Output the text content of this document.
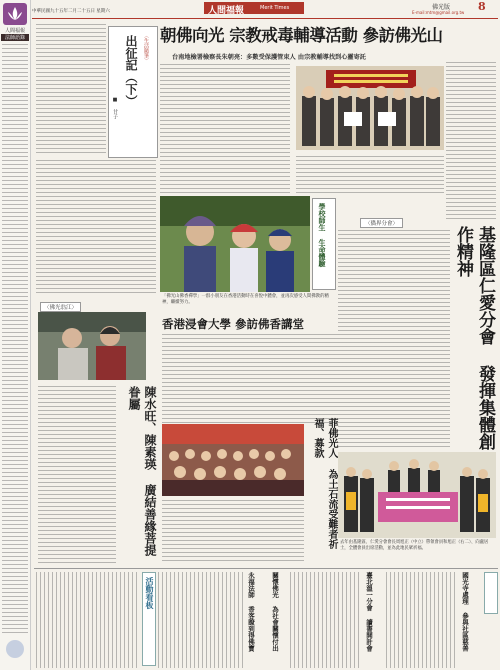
人間福報
法師語錄
中華民國九十五年二月二十五日 星期六	人間福報	Merit Times	佛光版	8
E-mail:mtm@gmail.org.tw
朝佛向光 宗教戒毒輔導活動 參訪佛光山
台南地檢署檢察長朱朝亮：多數受保護管束人 由宗教輔導找到心靈寄託
〈生活隨筆〉
出征記（下）
■ 甘子
〈佛光翁江〉
陳水旺、陳素瑛 廣結善緣菩提眷屬
學校師生 生命體驗
「佛光山佛香禪學」一群小朋友在香港活動時在喜悅中體會，並再次感受人間佛教的精神，繼續努力。
〈僑界分會〉
基隆區仁愛分會 發揮集體創作精神
香港浸會大學 參訪佛香講堂
菲佛光人 為土石流受難者祈福、募款
去年由基隆區、仁愛分會會長周旭正（中立）帶領會員和旭正（右二）、向盧居士，全體會員出席活動，並為此地民眾祈福。
活動看板	永福法師 香客瞭到得佛寶 關懷佛光 為社會關懷付出	臺北溫一分會 讀書開計會	國光寺處理 參與社區慈善
